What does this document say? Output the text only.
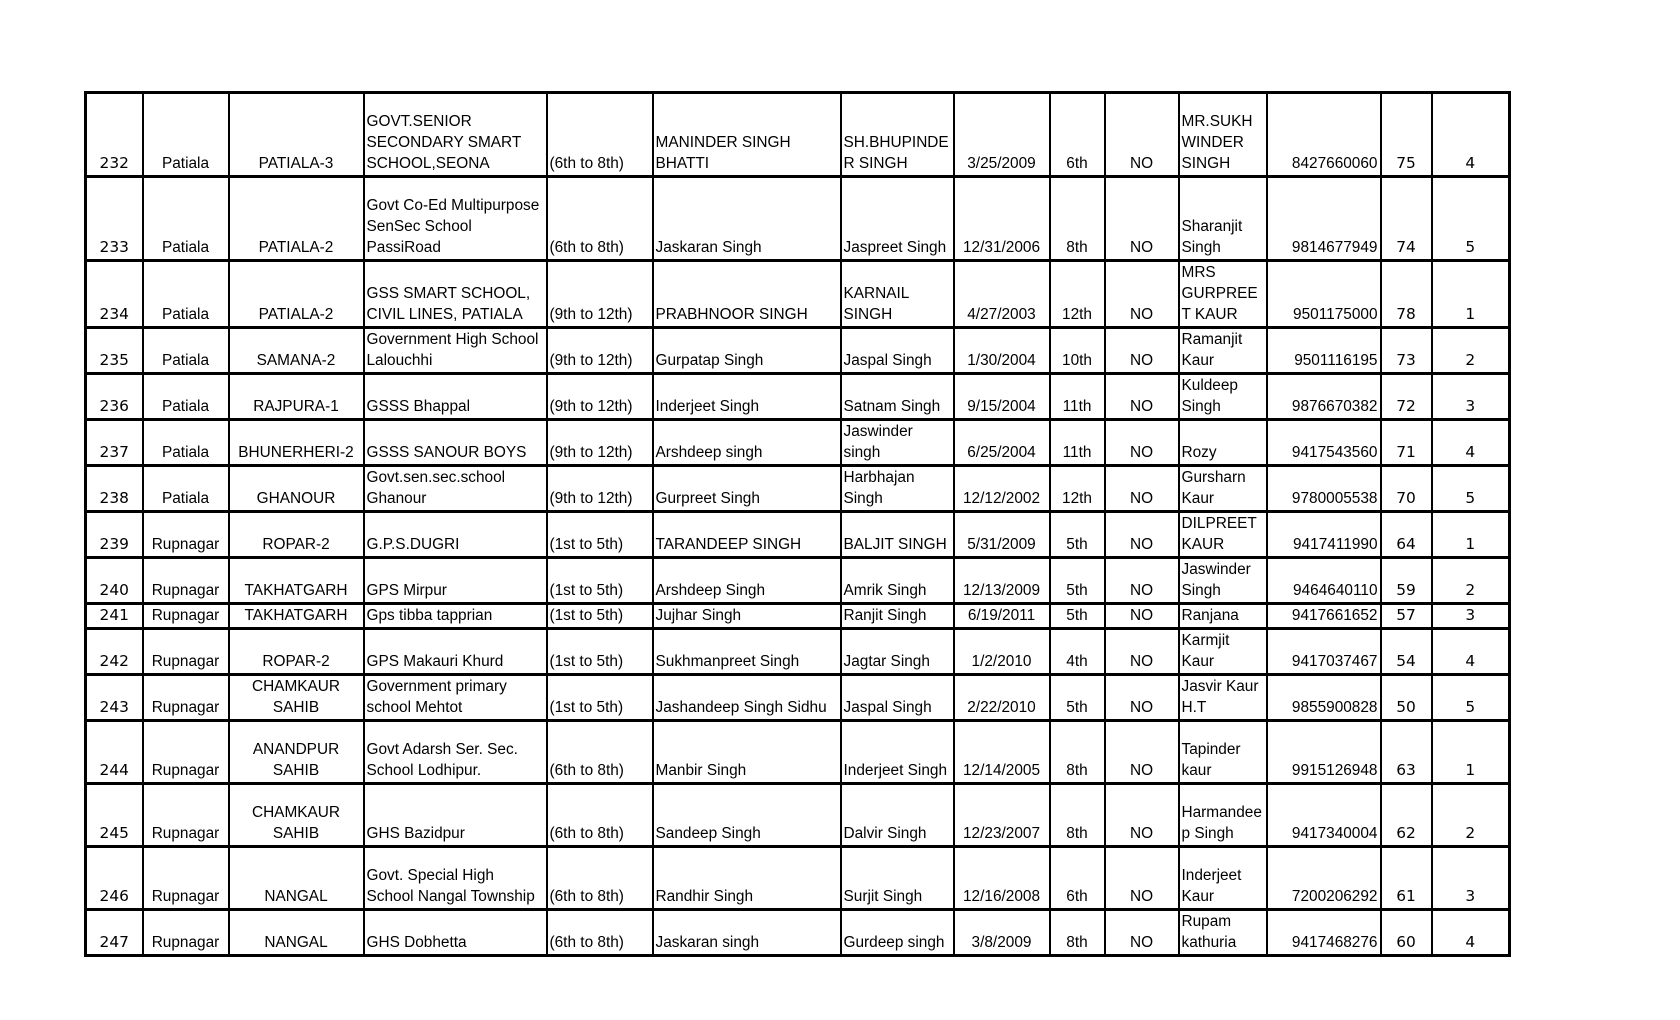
232	Patiala	PATIALA-3	GOVT.SENIOR SECONDARY SMART SCHOOL,SEONA	(6th to 8th)	MANINDER SINGH BHATTI	SH.BHUPINDER SINGH	3/25/2009	6th	NO	MR.SUKHWINDER SINGH	8427660060	75	4
233	Patiala	PATIALA-2	Govt Co-Ed Multipurpose SenSec School PassiRoad	(6th to 8th)	Jaskaran Singh	Jaspreet Singh	12/31/2006	8th	NO	Sharanjit Singh	9814677949	74	5
234	Patiala	PATIALA-2	GSS SMART SCHOOL, CIVIL LINES, PATIALA	(9th to 12th)	PRABHNOOR SINGH	KARNAIL SINGH	4/27/2003	12th	NO	MRS GURPREET KAUR	9501175000	78	1
235	Patiala	SAMANA-2	Government High School Lalouchhi	(9th to 12th)	Gurpatap Singh	Jaspal Singh	1/30/2004	10th	NO	Ramanjit Kaur	9501116195	73	2
236	Patiala	RAJPURA-1	GSSS Bhappal	(9th to 12th)	Inderjeet Singh	Satnam Singh	9/15/2004	11th	NO	Kuldeep Singh	9876670382	72	3
237	Patiala	BHUNERHERI-2	GSSS SANOUR BOYS	(9th to 12th)	Arshdeep singh	Jaswinder singh	6/25/2004	11th	NO	Rozy	9417543560	71	4
238	Patiala	GHANOUR	Govt.sen.sec.school Ghanour	(9th to 12th)	Gurpreet Singh	Harbhajan Singh	12/12/2002	12th	NO	Gursharn Kaur	9780005538	70	5
239	Rupnagar	ROPAR-2	G.P.S.DUGRI	(1st to 5th)	TARANDEEP SINGH	BALJIT SINGH	5/31/2009	5th	NO	DILPREET KAUR	9417411990	64	1
240	Rupnagar	TAKHATGARH	GPS Mirpur	(1st to 5th)	Arshdeep Singh	Amrik Singh	12/13/2009	5th	NO	Jaswinder Singh	9464640110	59	2
241	Rupnagar	TAKHATGARH	Gps tibba tapprian	(1st to 5th)	Jujhar Singh	Ranjit Singh	6/19/2011	5th	NO	Ranjana	9417661652	57	3
242	Rupnagar	ROPAR-2	GPS Makauri Khurd	(1st to 5th)	Sukhmanpreet Singh	Jagtar Singh	1/2/2010	4th	NO	Karmjit Kaur	9417037467	54	4
243	Rupnagar	CHAMKAUR SAHIB	Government primary school Mehtot	(1st to 5th)	Jashandeep Singh Sidhu	Jaspal Singh	2/22/2010	5th	NO	Jasvir Kaur H.T	9855900828	50	5
244	Rupnagar	ANANDPUR SAHIB	Govt Adarsh Ser. Sec. School Lodhipur.	(6th to 8th)	Manbir Singh	Inderjeet Singh	12/14/2005	8th	NO	Tapinder kaur	9915126948	63	1
245	Rupnagar	CHAMKAUR SAHIB	GHS Bazidpur	(6th to 8th)	Sandeep Singh	Dalvir Singh	12/23/2007	8th	NO	Harmandeep Singh	9417340004	62	2
246	Rupnagar	NANGAL	Govt. Special High School Nangal Township	(6th to 8th)	Randhir Singh	Surjit Singh	12/16/2008	6th	NO	Inderjeet Kaur	7200206292	61	3
247	Rupnagar	NANGAL	GHS Dobhetta	(6th to 8th)	Jaskaran singh	Gurdeep singh	3/8/2009	8th	NO	Rupam kathuria	9417468276	60	4
